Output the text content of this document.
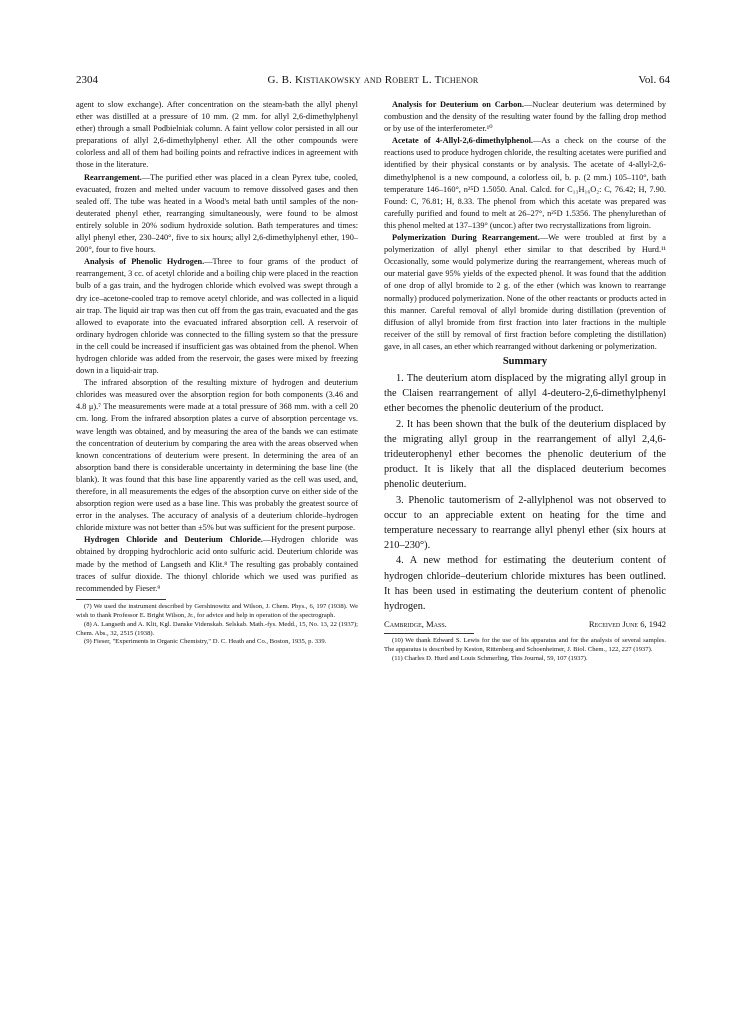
2304	G. B. Kistiakowsky and Robert L. Tichenor	Vol. 64

agent to slow exchange). After concentration on the steam-bath the allyl phenyl ether was distilled at a pressure of 10 mm. (2 mm. for allyl 2,6-dimethylphenyl ether) through a small Podbielniak column. A faint yellow color persisted in all our preparations of allyl 2,6-dimethylphenyl ether. All the other compounds were colorless and all of them had boiling points and refractive indices in agreement with those in the literature.

Rearrangement.—The purified ether was placed in a clean Pyrex tube, cooled, evacuated, frozen and melted under vacuum to remove dissolved gases and then sealed off. The tube was heated in a Wood's metal bath until samples of the non-deuterated phenyl ether, rearranging simultaneously, were found to be almost entirely soluble in 20% sodium hydroxide solution. Bath temperatures and times: allyl phenyl ether, 230–240°, five to six hours; allyl 2,6-dimethylphenyl ether, 190–200°, four to five hours.

Analysis of Phenolic Hydrogen.—Three to four grams of the product of rearrangement, 3 cc. of acetyl chloride and a boiling chip were placed in the reaction bulb of a gas train, and the hydrogen chloride which evolved was swept through a dry ice–acetone-cooled trap to remove acetyl chloride, and was collected in a liquid air trap. The liquid air trap was then cut off from the gas train, evacuated and the gas allowed to evaporate into the evacuated infrared absorption cell. A reservoir of ordinary hydrogen chloride was connected to the filling system so that the pressure in the cell could be increased if insufficient gas was obtained from the phenol. When hydrogen chloride was added from the reservoir, the gases were mixed by freezing down in a liquid-air trap.

The infrared absorption of the resulting mixture of hydrogen and deuterium chlorides was measured over the absorption region for both components (3.46 and 4.8 μ).⁷ The measurements were made at a total pressure of 368 mm. with a cell 20 cm. long. From the infrared absorption plates a curve of absorption percentage vs. wave length was obtained, and by measuring the area of the bands we can estimate the concentration of deuterium by comparing the area with the areas observed when known concentrations of deuterium were present. In determining the area of an absorption band there is considerable uncertainty in determining the base line (the blank). It was found that this base line apparently varied as the cell was used, and, therefore, in all measurements the edges of the absorption curve on either side of the absorption region were used as a base line. This was probably the greatest source of error in the analyses. The accuracy of analysis of a deuterium chloride–hydrogen chloride mixture was not better than ±5% but was sufficient for the present purpose.

Hydrogen Chloride and Deuterium Chloride.—Hydrogen chloride was obtained by dropping hydrochloric acid onto sulfuric acid. Deuterium chloride was made by the method of Langseth and Klit.⁸ The resulting gas probably contained traces of sulfur dioxide. The thionyl chloride which we used was purified as recommended by Fieser.⁹

(7) We used the instrument described by Gershinowitz and Wilson, J. Chem. Phys., 6, 197 (1938). We wish to thank Professor E. Bright Wilson, Jr., for advice and help in operation of the spectrograph.

(8) A. Langseth and A. Klit, Kgl. Danske Videnskab. Selskab. Math.-fys. Medd., 15, No. 13, 22 (1937); Chem. Abs., 32, 2515 (1938).

(9) Fieser, "Experiments in Organic Chemistry," D. C. Heath and Co., Boston, 1935, p. 339.

Analysis for Deuterium on Carbon.—Nuclear deuterium was determined by combustion and the density of the resulting water found by the falling drop method or by use of the interferometer.¹⁰

Acetate of 4-Allyl-2,6-dimethylphenol.—As a check on the course of the reactions used to produce hydrogen chloride, the resulting acetates were purified and identified by their physical constants or by analysis. The acetate of 4-allyl-2,6-dimethylphenol is a new compound, a colorless oil, b. p. (2 mm.) 105–110°, bath temperature 146–160°, n²⁵D 1.5050. Anal. Calcd. for C₁₃H₁₆O₂: C, 76.42; H, 7.90. Found: C, 76.81; H, 8.33. The phenol from which this acetate was prepared was carefully purified and found to melt at 26–27°, n²⁵D 1.5356. The phenylurethan of this phenol melted at 137–139° (uncor.) after two recrystallizations from ligroin.

Polymerization During Rearrangement.—We were troubled at first by a polymerization of allyl phenyl ether similar to that described by Hurd.¹¹ Occasionally, some would polymerize during the rearrangement, whereas much of our material gave 95% yields of the expected phenol. It was found that the addition of one drop of allyl bromide to 2 g. of the ether (which was known to rearrange normally) produced polymerization. None of the other reactants or products acted in this manner. Careful removal of allyl bromide during distillation (prevention of diffusion of allyl bromide from first fraction into later fractions in the multiple receiver of the still by removal of first fraction before completing the distillation) gave, in all cases, an ether which rearranged without darkening or polymerization.

Summary

1. The deuterium atom displaced by the migrating allyl group in the Claisen rearrangement of allyl 4-deutero-2,6-dimethylphenyl ether becomes the phenolic deuterium of the product.

2. It has been shown that the bulk of the deuterium displaced by the migrating allyl group in the rearrangement of allyl 2,4,6-trideuterophenyl ether becomes the phenolic deuterium of the product. It is likely that all the displaced deuterium becomes phenolic deuterium.

3. Phenolic tautomerism of 2-allylphenol was not observed to occur to an appreciable extent on heating for the time and temperature necessary to rearrange allyl phenyl ether (six hours at 210–230°).

4. A new method for estimating the deuterium content of hydrogen chloride–deuterium chloride mixtures has been outlined. It has been used in estimating the deuterium content of phenolic hydrogen.

Cambridge, Mass.	Received June 6, 1942

(10) We thank Edward S. Lewis for the use of his apparatus and for the analysis of several samples. The apparatus is described by Keston, Rittenberg and Schoenheimer, J. Biol. Chem., 122, 227 (1937).

(11) Charles D. Hurd and Louis Schmerling, This Journal, 59, 107 (1937).
